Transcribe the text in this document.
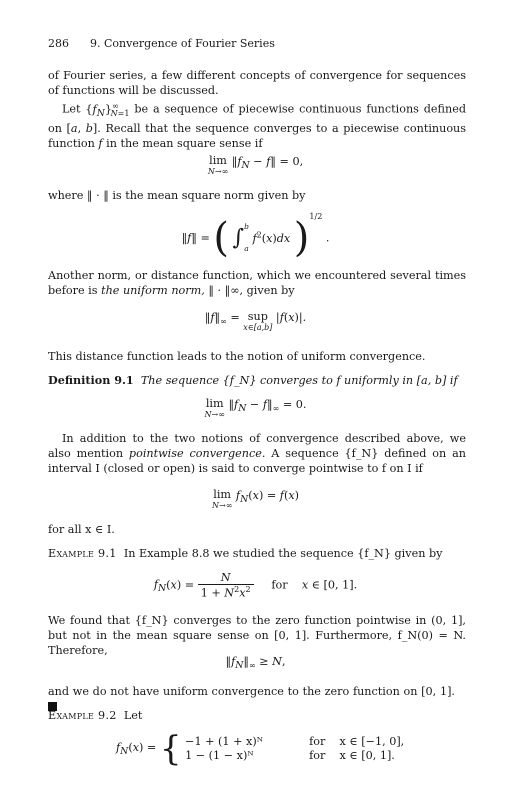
286 9. Convergence of Fourier Series
of Fourier series, a few different concepts of convergence for sequences of functions will be discussed.
Let $\{f_N\}^\infty_{N=1}$ be a sequence of piecewise continuous functions defined on [a, b]. Recall that the sequence converges to a piecewise continuous function f in the mean square sense if
lim
N→∞
$‖f_N$ − f‖ = 0,
where ‖ · ‖ is the mean square norm given by
‖f‖ = ( ∫b
a $f^2(x)dx$ )$^{1/2}$ .
Another norm, or distance function, which we encountered several times before is the uniform norm, ‖ · ‖∞, given by
$‖f‖_\infty$ = sup
x∈[a,b]
|f(x)|.
This distance function leads to the notion of uniform convergence.
Definition 9.1 The sequence {f_N} converges to f uniformly in [a, b] if
lim
N→∞
$‖f_N$ − $f‖_\infty = 0$.
In addition to the two notions of convergence described above, we also mention pointwise convergence. A sequence {f_N} defined on an interval I (closed or open) is said to converge pointwise to f on I if
lim
N→∞
$f_N(x) = f(x)$
for all x ∈ I.
Example 9.1 In Example 8.8 we studied the sequence {f_N} given by
$f_N(x) = \frac{N}{1 + N^2x^2}$ for    x ∈ [0, 1].
We found that {f_N} converges to the zero function pointwise in (0, 1], but not in the mean square sense on [0, 1]. Furthermore, f_N(0) = N. Therefore,
$‖f_N‖_\infty \ge N$,
and we do not have uniform convergence to the zero function on [0, 1].
Example 9.2 Let
$f_N(x)$ = { −1 + (1 + x)ᴺ	for    x ∈ [−1, 0],
1 − (1 − x)ᴺ	for    x ∈ [0, 1].
